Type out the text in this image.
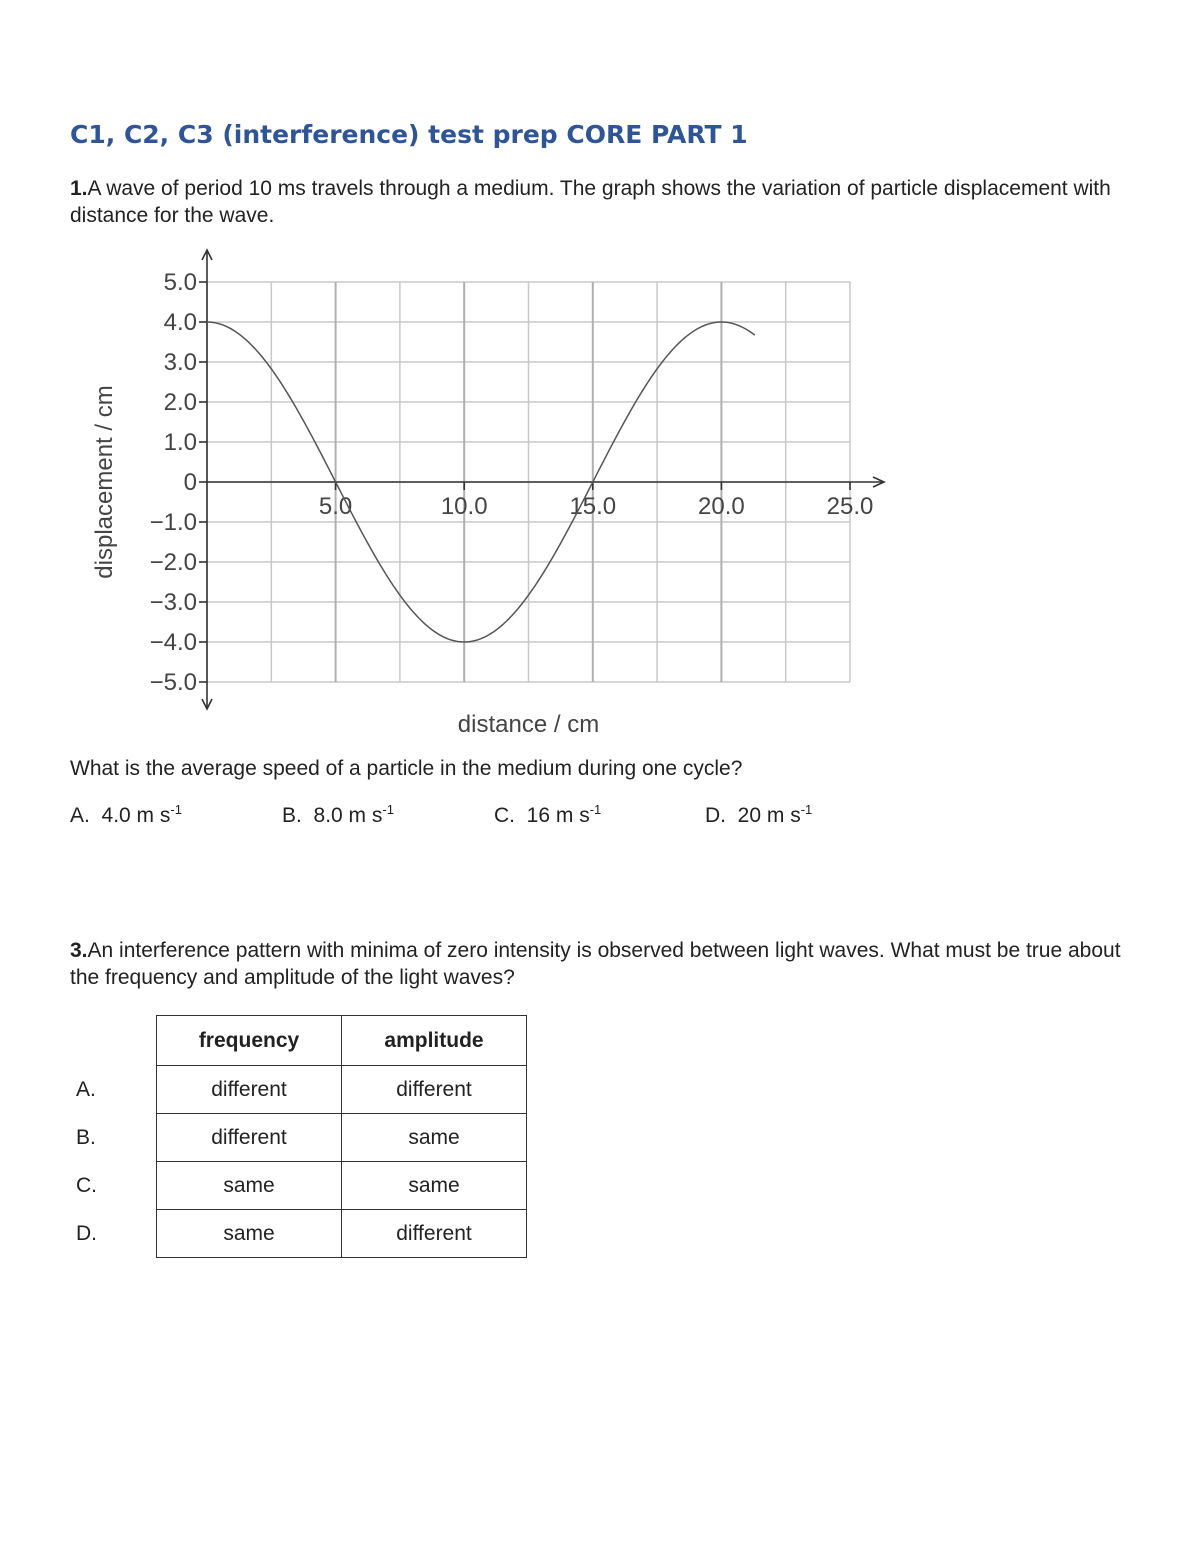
C1, C2, C3 (interference) test prep CORE PART 1
1.A wave of period 10 ms travels through a medium. The graph shows the variation of particle displacement with distance for the wave.
5.0
4.0
3.0
2.0
1.0
0
−1.0
−2.0
−3.0
−4.0
−5.0
5.0	10.0	15.0	20.0	25.0
distance / cm
displacement / cm
What is the average speed of a particle in the medium during one cycle?
A. 4.0 m $s^{-1}$	B. 8.0 m $s^{-1}$	C. 16 m $s^{-1}$	D. 20 m $s^{-1}$
3.An interference pattern with minima of zero intensity is observed between light waves. What must be true about the frequency and amplitude of the light waves?
	frequency	amplitude
A.	different	different
B.	different	same
C.	same	same
D.	same	different
